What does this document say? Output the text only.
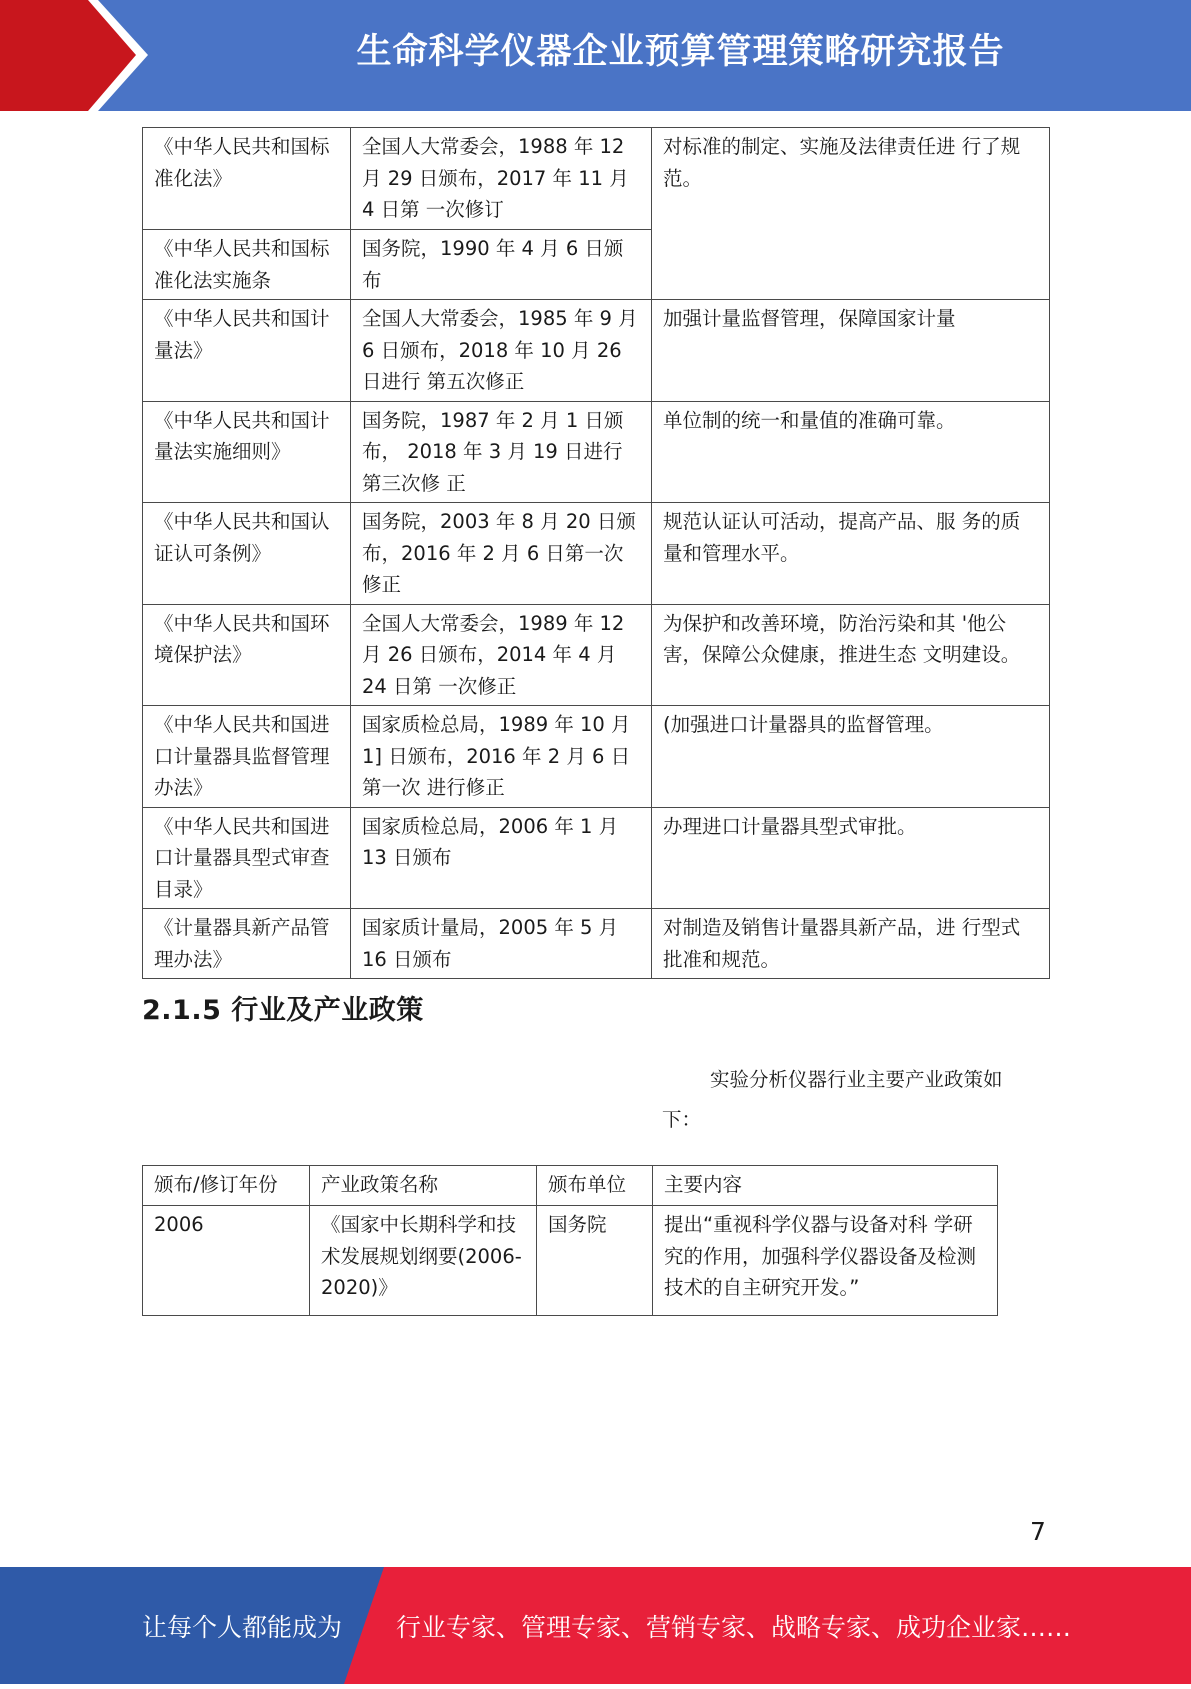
生命科学仪器企业预算管理策略研究报告
《中华人民共和国标 准化法》	全国人大常委会，1988 年 12 月 29 日颁布，2017 年 11 月 4 日第 一次修订	对标准的制定、实施及法律责任进 行了规范。
《中华人民共和国标 准化法实施条	国务院，1990 年 4 月 6 日颁布	
《中华人民共和国计 量法》	全国人大常委会，1985 年 9 月 6 日颁布，2018 年 10 月 26 日进行 第五次修正	加强计量监督管理，保障国家计量
《中华人民共和国计 量法实施细则》	国务院，1987 年 2 月 1 日颁布， 2018 年 3 月 19 日进行第三次修 正	单位制的统一和量值的准确可靠。
《中华人民共和国认 证认可条例》	国务院，2003 年 8 月 20 日颁布，2016 年 2 月 6 日第一次修正	规范认证认可活动，提高产品、服 务的质量和管理水平。
《中华人民共和国环 境保护法》	全国人大常委会，1989 年 12 月 26 日颁布，2014 年 4 月 24 日第 一次修正	为保护和改善环境，防治污染和其 '他公害，保障公众健康，推进生态 文明建设。
《中华人民共和国进 口计量器具监督管理 办法》	国家质检总局，1989 年 10 月 1] 日颁布，2016 年 2 月 6 日第一次 进行修正	(加强进口计量器具的监督管理。
《中华人民共和国进 口计量器具型式审查 目录》	国家质检总局，2006 年 1 月 13 日颁布	办理进口计量器具型式审批。
《计量器具新产品管 理办法》	国家质计量局，2005 年 5 月 16 日颁布	对制造及销售计量器具新产品，进 行型式批准和规范。
2.1.5 行业及产业政策
实验分析仪器行业主要产业政策如下：
颁布/修订年份	产业政策名称	颁布单位	主要内容
2006	《国家中长期科学和技术发展规划纲要(2006-2020)》	国务院	提出“重视科学仪器与设备对科 学研究的作用，加强科学仪器设备及检测技术的自主研究开发。”
7
让每个人都能成为 行业专家、管理专家、营销专家、战略专家、成功企业家……
